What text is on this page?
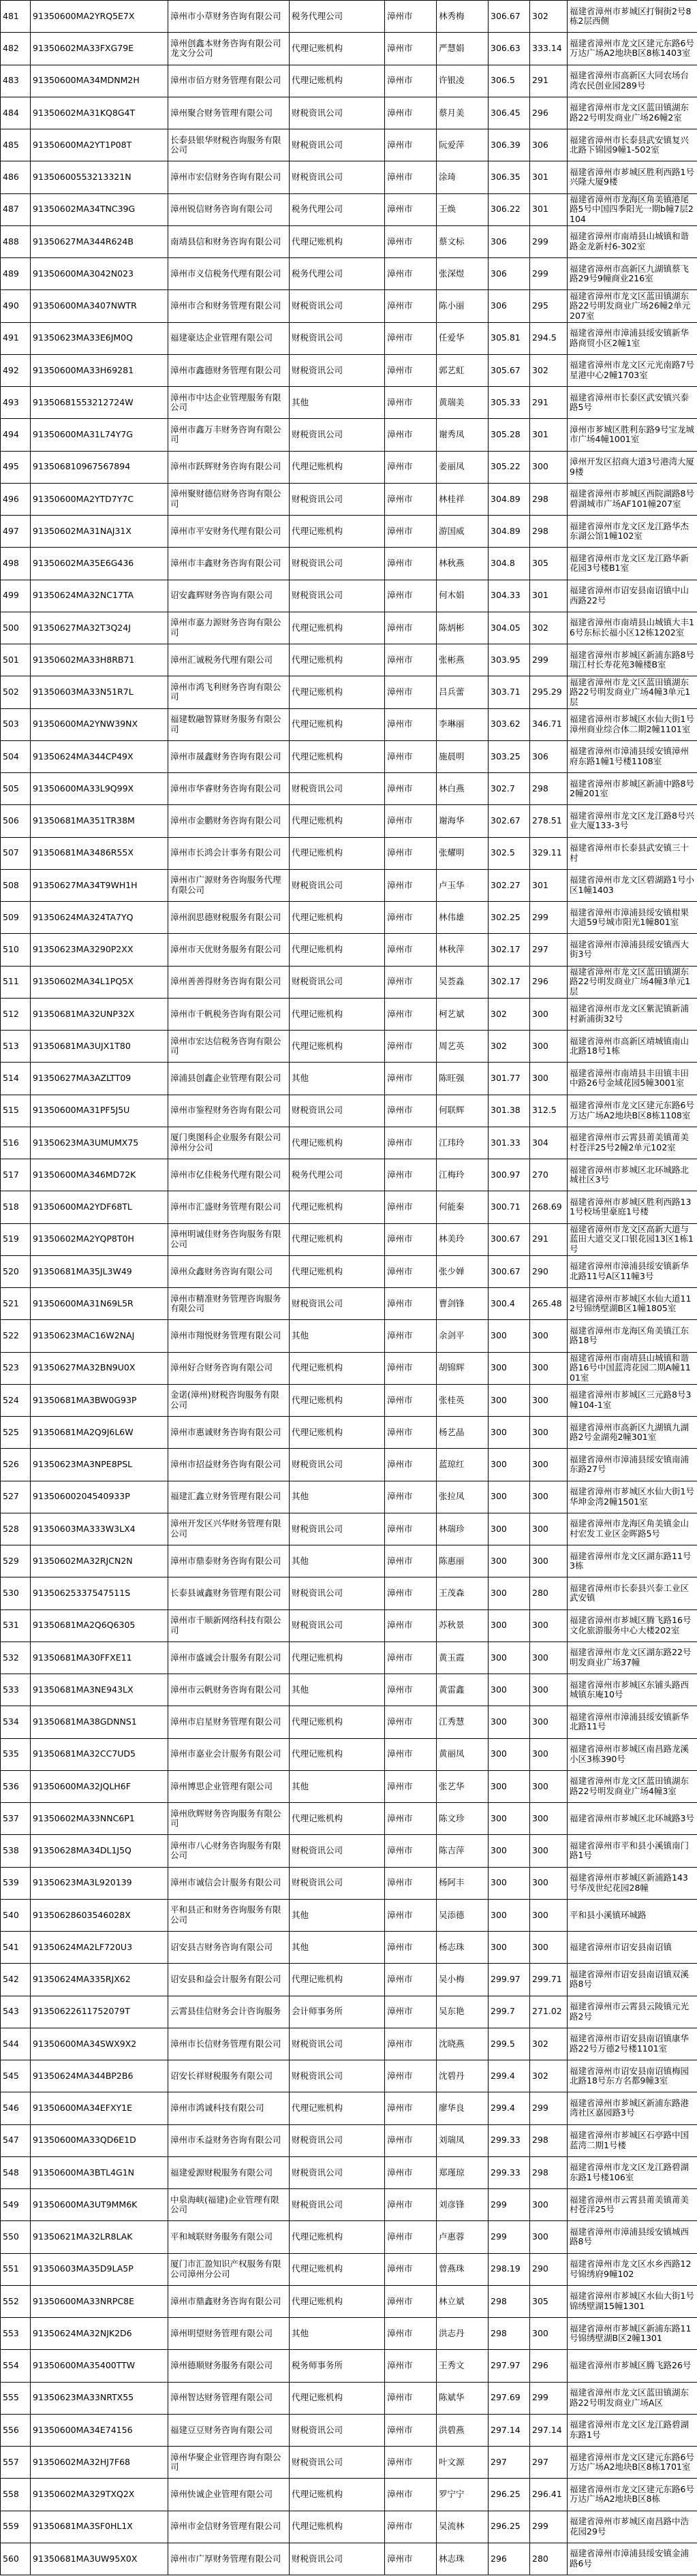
481	91350600MA2YRQ5E7X	漳州市小草财务咨询有限公司	税务代理公司	漳州市	林秀梅	306.67	302	福建省漳州市芗城区打铜街2号8栋2层西侧

482	91350602MA33FXG79E	漳州创鑫本财务咨询有限公司龙文分公司	代理记账机构	漳州市	严慧娟	306.63	333.14	福建省漳州市龙文区建元东路6号万达广场A2地块B区8栋1403室

483	91350600MA34MDNM2H	漳州市佰方财务管理有限公司	代理记账机构	漳州市	许银凌	306.5	291	福建省漳州市高新区大同农场台湾农民创业园289号

484	91350602MA31KQ8G4T	漳州聚合财务管理有限公司	财税资讯公司	漳州市	蔡月美	306.45	296	福建省漳州市龙文区蓝田镇湖东路22号明发商业广场26幢2室

485	91350600MA2YT1P08T	长泰县银华财税咨询服务有限公司	财税资讯公司	漳州市	阮爱萍	306.39	306	福建省漳州市长泰县武安镇复兴北路下锦园9幢1-502室

486	91350600553213321N	漳州市宏信财务咨询有限公司	财税资讯公司	漳州市	涂琦	306.35	301	福建省漳州市芗城区胜利西路1号兴隆大厦9楼

487	91350602MA34TNC39G	漳州锐信财务咨询有限公司	税务代理公司	漳州市	王焕	306.22	301	福建省漳州市龙海区角美镇港尾路5号中国四季阳光一期b幢7层2104

488	91350627MA344R624B	南靖县信和财务咨询有限公司	代理记账机构	漳州市	蔡文标	306	299	福建省漳州市南靖县山城镇和谐路金龙新村6-302室

489	91350600MA3042N023	漳州市义信税务代理有限公司	税务代理公司	漳州市	张深煜	306	299	福建省漳州市高新区九湖镇蔡飞路29号9幢商业216室

490	91350600MA3407NWTR	漳州市合和财务管理有限公司	财税资讯公司	漳州市	陈小丽	306	295	福建省漳州市龙文区蓝田镇湖东路22号明发商业广场26幢2单元207室

491	91350623MA33E6JM0Q	福建豪达企业管理有限公司	财税资讯公司	漳州市	任爱华	305.81	294.5	福建省漳州市漳浦县绥安镇新华路商贸小区2幢1室

492	91350600MA33H69281	漳州市鑫德财务管理有限公司	财税资讯公司	漳州市	郭艺虹	305.67	302	福建省漳州市龙文区元光南路7号星港中心2幢1703室

493	91350681553212724W	漳州市中达企业管理服务有限公司	其他	漳州市	黄瑞美	305.33	291	福建省漳州市长泰区武安镇兴泰路5号

494	91350600MA31L74Y7G	漳州市鑫万丰财务咨询有限公司	财税资讯公司	漳州市	谢秀凤	305.28	301	漳州市芗城区胜利东路9号宝龙城市广场4幢1001室

495	913506810967567894	漳州市跃辉财务咨询有限公司	代理记账机构	漳州市	姜丽凤	305.22	300	漳州开发区招商大道3号港湾大厦9楼

496	91350600MA2YTD7Y7C	漳州聚财德信财务咨询有限公司	财税资讯公司	漳州市	林桂祥	304.89	298	福建省漳州市芗城区西院湖路8号碧湖城市广场AF101幢207室

497	91350602MA31NAJ31X	漳州市平安财务代理有限公司	代理记账机构	漳州市	游国威	304.89	298	福建省漳州市龙文区龙江路华杰东湖公馆1幢102室

498	91350602MA35E6G436	漳州市丰鑫财务咨询有限公司	财税资讯公司	漳州市	林秋燕	304.8	305	福建省漳州市龙文区龙江路华新花园3号楼B1室

499	91350624MA32NC17TA	诏安鑫辉财务咨询有限公司	财税资讯公司	漳州市	何木娟	304.33	301	福建省漳州市诏安县南诏镇中山西路22号

500	91350627MA32T3Q24J	漳州市嘉力源财务咨询有限公司	代理记账机构	漳州市	陈炳彬	304.05	302	福建省漳州市南靖县山城镇大丰16号东标长福小区12栋1202室

501	91350602MA33H8RB71	漳州汇诚税务代理有限公司	代理记账机构	漳州市	张彬燕	303.95	299	福建省漳州市芗城区新浦东路8号瑞江村长寿花苑3幢楼B室

502	91350603MA33N51R7L	漳州市鸿飞利财务咨询有限公司	代理记账机构	漳州市	吕兵蕾	303.71	295.29	福建省漳州市龙文区蓝田镇湖东路22号明发商业广场4幢3单元1层

503	91350600MA2YNW39NX	福建数融智算财务服务有限公司	代理记账机构	漳州市	李琳丽	303.62	346.71	福建省漳州市芗城区水仙大街1号漳州商业综合体二期2幢1101室

504	91350624MA344CP49X	漳州市晟鑫财务咨询有限公司	代理记账机构	漳州市	施晨明	303.25	306	福建省漳州市漳浦县绥安镇漳州府东路1幢1号楼1108室

505	91350600MA33L9Q99X	漳州市华睿财务咨询有限公司	财税资讯公司	漳州市	林白燕	302.7	298	福建省漳州市芗城区新浦中路8号2幢201室

506	91350681MA351TR38M	漳州市金鹏财务咨询有限公司	代理记账机构	漳州市	谢海华	302.67	278.51	福建省漳州市龙文区龙江路8号兴业大厦133-3号

507	91350681MA3486R55X	漳州市长鸿会计事务有限公司	代理记账机构	漳州市	张耀明	302.5	329.11	福建省漳州市长泰县武安镇三十村

508	91350627MA34T9WH1H	漳州市广源财务咨询服务代理有限公司	财税资讯公司	漳州市	卢玉华	302.27	301	福建省漳州市龙文区碧湖路1号小区1幢1403

509	91350624MA324TA7YQ	漳州润思德财税服务有限公司	代理记账机构	漳州市	林伟雄	302.25	299	福建省漳州市漳浦县绥安镇柑果大道59号城市阳光1幢801室

510	91350623MA3290P2XX	漳州市天优财务服务有限公司	代理记账机构	漳州市	林秋萍	302.17	297	福建省漳州市漳浦县绥安镇西大街3号

511	91350602MA34L1PQ5X	漳州善善得财务咨询有限公司	财税资讯公司	漳州市	吴荟淼	302.17	296	福建省漳州市龙文区蓝田镇湖东路22号明发商业广场4幢3单元1层

512	91350681MA32UNP32X	漳州市千帆税务咨询有限公司	代理记账机构	漳州市	柯艺斌	302	300	福建省漳州市龙文区紫泥镇新浦村新浦街32号

513	91350681MA3UJX1T80	漳州市宏达信税务咨询有限公司	代理记账机构	漳州市	周艺英	302	300	福建省漳州市高新区靖城镇南山北路18号1栋

514	91350627MA3AZLTT09	漳浦县创鑫企业管理有限公司	其他	漳州市	陈旺强	301.77	300	福建省漳州市南靖县丰田镇丰田中路26号金域花园5幢3001室

515	91350600MA31PF5J5U	漳州市鉴程财务咨询有限公司	财税资讯公司	漳州市	何联辉	301.38	312.5	福建省漳州市龙文区建元东路6号万达广场A2地块B区8栋1108室

516	91350623MA3UMUMX75	厦门奥图科企业服务有限公司漳州分公司	代理记账机构	漳州市	江玮玲	301.33	304	福建省漳州市云霄县莆美镇莆美村苍洋25号2幢2单元102室

517	91350600MA346MD72K	漳州市亿佳税务代理有限公司	税务代理公司	漳州市	江梅玲	300.97	270	福建省漳州市芗城区北环城路北城社区3号

518	91350600MA2YDF68TL	漳州市汇盛财务管理有限公司	代理记账机构	漳州市	何能秦	300.71	268.69	福建省漳州市芗城区胜利西路131号校场里豪庭1号楼

519	91350602MA2YQP8T0H	漳州明诚佳财务咨询服务有限公司	代理记账机构	漳州市	林美玲	300.67	291	福建省漳州市龙文区高新大道与蓝田大道交叉口银花园13区1栋1号

520	91350681MA35JL3W49	漳州众鑫财务咨询有限公司	代理记账机构	漳州市	张少婵	300.67	290	福建省漳州市漳浦县绥安镇新华北路11号A区11幢3号

521	91350600MA31N69L5R	漳州市精准财务管理咨询服务有限公司	财税资讯公司	漳州市	曹剑锋	300.4	265.48	福建省漳州市芗城区水仙大道112号锦绣壁湖B区1幢1805室

522	91350623MAC16W2NAJ	漳州市翔悦财务管理有限公司	其他	漳州市	余剑平	300	300	福建省漳州市龙海区角美镇江东路18号

523	91350627MA32BN9U0X	漳州好合财务咨询有限公司	代理记账机构	漳州市	胡锦辉	300	300	福建省漳州市南靖县山城镇和谐路16号中国蓝湾花园二期A幢1101室

524	91350681MA3BW0G93P	金诺(漳州)财税咨询服务有限公司	代理记账机构	漳州市	张桂英	300	300	福建省漳州市芗城区三元路8号3幢104-1室

525	91350681MA2Q9J6L6W	漳州市惠诚财务咨询有限公司	代理记账机构	漳州市	杨艺晶	300	300	福建省漳州市高新区九湖镇九湖路2号金湖苑2幢301室

526	91350623MA3NPE8PSL	漳州市招益财务咨询有限公司	财税资讯公司	漳州市	蓝琼红	300	300	福建省漳州市漳浦县绥安镇南浦东路27号

527	91350600204540933P	福建汇鑫立财务管理有限公司	其他	漳州市	张拉凤	300	300	福建省漳州市芗城区水仙大街1号华坤金湾2幢1501室

528	91350603MA333W3LX4	漳州开发区兴华财务管理有限公司	财税资讯公司	漳州市	林瑞珍	300	300	福建省漳州市龙海区角美镇金山村宏发工业区金晖路5号

529	91350602MA32RJCN2N	漳州市鼎泰财务咨询有限公司	其他	漳州市	陈惠丽	300	300	福建省漳州市龙文区湖东路11号3栋

530	91350625337547511S	长泰县诚鑫财务管理有限公司	财税资讯公司	漳州市	王茂森	300	280	福建省漳州市长泰县兴泰工业区武安镇

531	91350681MA2Q6Q6305	漳州市千顺新网络科技有限公司	财税资讯公司	漳州市	苏秋景	300	300	福建省漳州市芗城区腾飞路16号文化旅游服务中心大楼202室

532	91350681MA30FFXE11	漳州市盛诚会计服务有限公司	代理记账机构	漳州市	黄玉霞	300	300	福建省漳州市龙文区湖东路22号明发商业广场37幢

533	91350681MA3NE943LX	漳州市云帆财务咨询有限公司	其他	漳州市	黄雷鑫	300	300	福建省漳州市芗城区东铺头路西城镇东庵10号

534	91350681MA38GDNNS1	漳州市启星财务管理有限公司	代理记账机构	漳州市	江秀慧	300	300	福建省漳州市漳浦县绥安镇新华北路11号

535	91350681MA32CC7UD5	漳州市嘉业会计服务有限公司	代理记账机构	漳州市	黄丽凤	300	300	福建省漳州市芗城区南昌路龙溪小区3栋390号

536	91350600MA32JQLH6F	漳州博思企业管理有限公司	其他	漳州市	张艺华	300	300	福建省漳州市龙文区蓝田镇湖东路22号明发商业广场4幢3室

537	91350602MA33NNC6P1	漳州欣辉财务咨询服务有限公司	代理记账机构	漳州市	陈文珍	300	300	福建省漳州市芗城区北环城路3号

538	91350628MA34DL1J5Q	漳州市八心财务咨询服务有限公司	财税资讯公司	漳州市	陈吉萍	300	300	福建省漳州市平和县小溪镇南门路1号

539	91350623MA3L920139	漳州市诚信会计服务有限公司	财税资讯公司	漳州市	杨阿丰	300	300	福建省漳州市芗城区新浦路143号华茂世纪花园28幢

540	91350628603546028X	平和县正和财务咨询服务有限公司	其他	漳州市	吴添德	300	300	平和县小溪镇环城路

541	91350624MA2LF720U3	诏安县吉财务咨询有限公司	其他	漳州市	杨志珠	300	300	福建省漳州市诏安县南诏镇

542	91350624MA335RJX62	诏安县和益会计服务有限公司	代理记账机构	漳州市	吴小梅	299.97	299.71	福建省漳州市诏安县南诏镇双溪路8号

543	91350622611752079T	云霄县佳信财务会计咨询服务	会计师事务所	漳州市	吴东艳	299.7	271.02	福建省漳州市云霄县云陵镇元光路2号

544	91350600MA34SWX9X2	漳州市长信财务管理有限公司	财税资讯公司	漳州市	沈晓燕	299.5	302	福建省漳州市诏安县南诏镇康华路22号万德2号楼1101室

545	91350624MA344BP2B6	诏安长祥财税服务有限公司	财税资讯公司	漳州市	沈碧丹	299.4	302	福建省漳州市诏安县南诏镇梅园北路18号东方名都9幢3室

546	91350600MA34EFXY1E	漳州市鸿诚科技有限公司	代理记账机构	漳州市	廖华良	299.4	299	福建省漳州市芗城区新浦东路港湾社区嘉园路3号

547	91350600MA33QD6E1D	漳州市禾益财务咨询有限公司	财税资讯公司	漳州市	刘瑞凤	299.33	298	福建省漳州市芗城区石亭路中国蓝湾二期1号楼

548	91350600MA3BTL4G1N	福建爱源财税服务有限公司	财税资讯公司	漳州市	郑瑾琼	299.33	298	福建省漳州市龙文区龙江路碧湖东路1号楼106室

549	91350600MA3UT9MM6K	中泉海峡(福建)企业管理有限公司	财税资讯公司	漳州市	刘彦锋	299	300	福建省漳州市云霄县莆美镇莆美村苍洋25号

550	91350621MA32LR8LAK	平和城联财务服务有限公司	代理记账机构	漳州市	卢惠蓉	299	300	福建省漳州市漳浦县绥安镇城西路8号

551	91350603MA35D9LA5P	厦门市汇盈知识产权服务有限公司漳州分公司	代理记账机构	漳州市	曾燕珠	298.19	290	福建省漳州市龙文区水乡西路12号锦绣府9幢102

552	91350600MA33NRPC8E	漳州市鼎鑫财务咨询有限公司	代理记账机构	漳州市	林立斌	298	305	福建省漳州市芗城区水仙大街1号锦绣壁湖15幢1301

553	91350624MA32NJK2D6	漳州明望财务管理有限公司	其他	漳州市	洪志丹	298	300	福建省漳州市芗城区新浦东路11号锦绣壁湖B区2幢1301

554	91350600MA35400TTW	漳州德顺财务服务有限公司	税务师事务所	漳州市	王秀文	297.97	296	福建省漳州市芗城区腾飞路26号

555	91350623MA33NRTX55	漳州智达财务管理有限公司	代理记账机构	漳州市	陈斌华	297.69	299	福建省漳州市龙文区蓝田镇湖东路22号明发商业广场A区

556	91350600MA34E74156	福建豆豆财务咨询有限公司	财税资讯公司	漳州市	洪碧燕	297.14	297.14	福建省漳州市龙文区龙江路碧湖东路1号

557	91350602MA32HJ7F68	漳州华聚企业管理咨询有限公司	财税资讯公司	漳州市	叶文源	297	297	福建省漳州市龙文区建元东路6号万达广场A2地块B区8栋1701室

558	91350602MA329TXQ2X	漳州快诚企业管理有限公司	代理记账机构	漳州市	罗宁宁	296.25	296.41	福建省漳州市龙文区建元东路6号万达广场A2地块B区8栋

559	91350681MA3SF0HL1X	漳州市金信财务管理有限公司	代理记账机构	漳州市	吴流林	296.25	299	福建省漳州市芗城区南昌路中浩花园29号

560	91350681MA3UW95X0X	漳州市广厚财务管理有限公司	财税资讯公司	漳州市	林志珠	296	280	福建省漳州市漳浦县绥安镇金浦路6号
